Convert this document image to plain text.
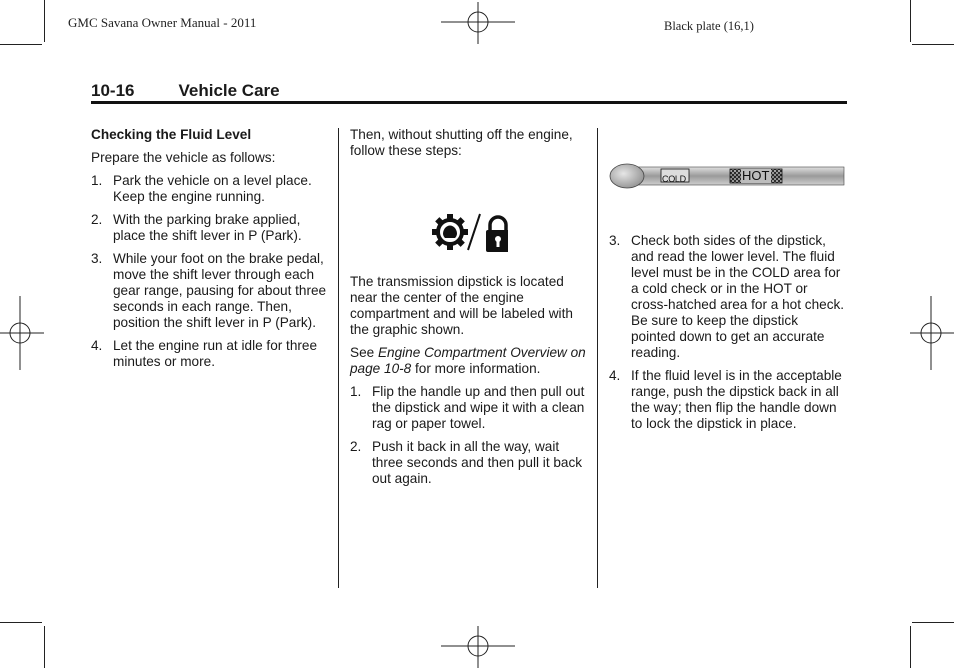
GMC Savana Owner Manual - 2011	Black plate (16,1)
10-16	Vehicle Care

Checking the Fluid Level

Prepare the vehicle as follows:

1. Park the vehicle on a level place. Keep the engine running.
2. With the parking brake applied, place the shift lever in P (Park).
3. While your foot on the brake pedal, move the shift lever through each gear range, pausing for about three seconds in each range. Then, position the shift lever in P (Park).
4. Let the engine run at idle for three minutes or more.

Then, without shutting off the engine, follow these steps:

The transmission dipstick is located near the center of the engine compartment and will be labeled with the graphic shown.

See Engine Compartment Overview on page 10-8 for more information.

1. Flip the handle up and then pull out the dipstick and wipe it with a clean rag or paper towel.
2. Push it back in all the way, wait three seconds and then pull it back out again.
COLD	HOT
3. Check both sides of the dipstick, and read the lower level. The fluid level must be in the COLD area for a cold check or in the HOT or cross-hatched area for a hot check. Be sure to keep the dipstick pointed down to get an accurate reading.
4. If the fluid level is in the acceptable range, push the dipstick back in all the way; then flip the handle down to lock the dipstick in place.
